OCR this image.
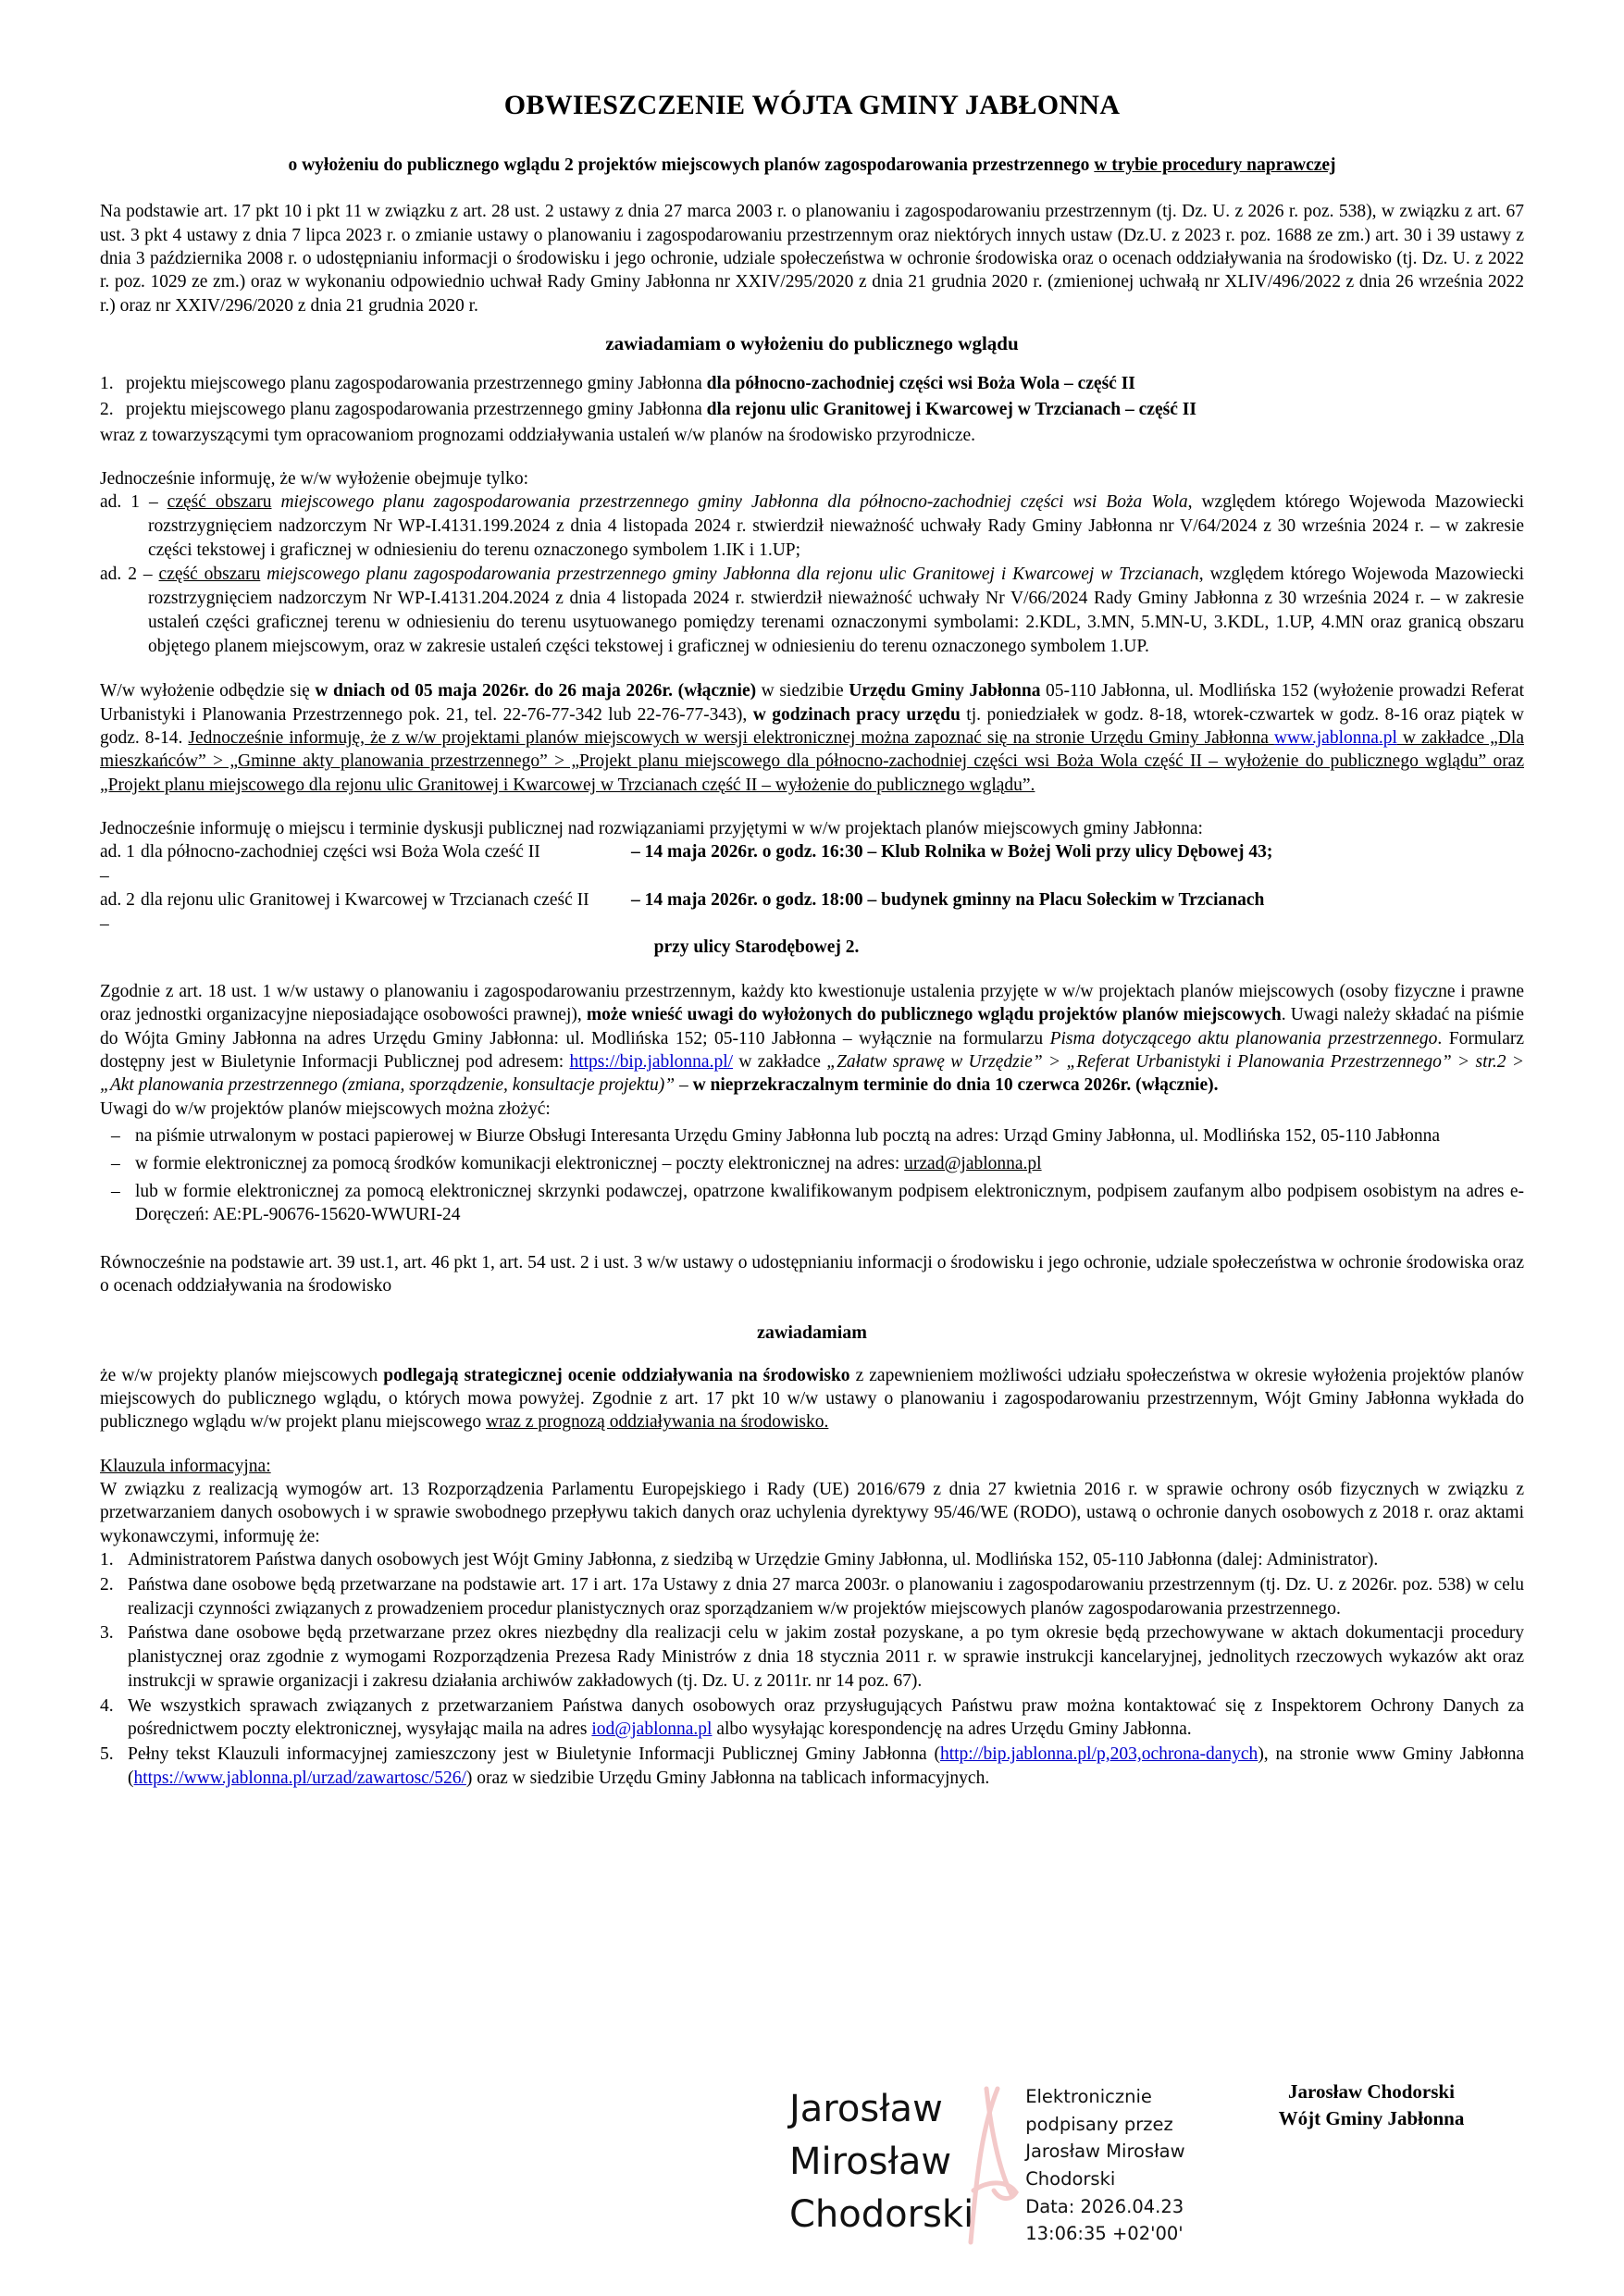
OBWIESZCZENIE WÓJTA GMINY JABŁONNA
o wyłożeniu do publicznego wglądu 2 projektów miejscowych planów zagospodarowania przestrzennego w trybie procedury naprawczej

Na podstawie art. 17 pkt 10 i pkt 11 w związku z art. 28 ust. 2 ustawy z dnia 27 marca 2003 r. o planowaniu i zagospodarowaniu przestrzennym (tj. Dz. U. z 2026 r. poz. 538), w związku z art. 67 ust. 3 pkt 4 ustawy z dnia 7 lipca 2023 r. o zmianie ustawy o planowaniu i zagospodarowaniu przestrzennym oraz niektórych innych ustaw (Dz.U. z 2023 r. poz. 1688 ze zm.) art. 30 i 39 ustawy z dnia 3 października 2008 r. o udostępnianiu informacji o środowisku i jego ochronie, udziale społeczeństwa w ochronie środowiska oraz o ocenach oddziaływania na środowisko (tj. Dz. U. z 2022 r. poz. 1029 ze zm.) oraz w wykonaniu odpowiednio uchwał Rady Gminy Jabłonna nr XXIV/295/2020 z dnia 21 grudnia 2020 r. (zmienionej uchwałą nr XLIV/496/2022 z dnia 26 września 2022 r.) oraz nr XXIV/296/2020 z dnia 21 grudnia 2020 r.

zawiadamiam o wyłożeniu do publicznego wglądu
1. projektu miejscowego planu zagospodarowania przestrzennego gminy Jabłonna dla północno-zachodniej części wsi Boża Wola – część II
2. projektu miejscowego planu zagospodarowania przestrzennego gminy Jabłonna dla rejonu ulic Granitowej i Kwarcowej w Trzcianach – część II

wraz z towarzyszącymi tym opracowaniom prognozami oddziaływania ustaleń w/w planów na środowisko przyrodnicze.

Jednocześnie informuję, że w/w wyłożenie obejmuje tylko:

ad. 1 – część obszaru miejscowego planu zagospodarowania przestrzennego gminy Jabłonna dla północno-zachodniej części wsi Boża Wola, względem którego Wojewoda Mazowiecki rozstrzygnięciem nadzorczym Nr WP-I.4131.199.2024 z dnia 4 listopada 2024 r. stwierdził nieważność uchwały Rady Gminy Jabłonna nr V/64/2024 z 30 września 2024 r. – w zakresie części tekstowej i graficznej w odniesieniu do terenu oznaczonego symbolem 1.IK i 1.UP;
ad. 2 – część obszaru miejscowego planu zagospodarowania przestrzennego gminy Jabłonna dla rejonu ulic Granitowej i Kwarcowej w Trzcianach, względem którego Wojewoda Mazowiecki rozstrzygnięciem nadzorczym Nr WP-I.4131.204.2024 z dnia 4 listopada 2024 r. stwierdził nieważność uchwały Nr V/66/2024 Rady Gminy Jabłonna z 30 września 2024 r. – w zakresie ustaleń części graficznej terenu w odniesieniu do terenu usytuowanego pomiędzy terenami oznaczonymi symbolami: 2.KDL, 3.MN, 5.MN-U, 3.KDL, 1.UP, 4.MN oraz granicą obszaru objętego planem miejscowym, oraz w zakresie ustaleń części tekstowej i graficznej w odniesieniu do terenu oznaczonego symbolem 1.UP.

W/w wyłożenie odbędzie się w dniach od 05 maja 2026r. do 26 maja 2026r. (włącznie) w siedzibie Urzędu Gminy Jabłonna 05-110 Jabłonna, ul. Modlińska 152 (wyłożenie prowadzi Referat Urbanistyki i Planowania Przestrzennego pok. 21, tel. 22-76-77-342 lub 22-76-77-343), w godzinach pracy urzędu tj. poniedziałek w godz. 8-18, wtorek-czwartek w godz. 8-16 oraz piątek w godz. 8-14. Jednocześnie informuję, że z w/w projektami planów miejscowych w wersji elektronicznej można zapoznać się na stronie Urzędu Gminy Jabłonna www.jablonna.pl w zakładce „Dla mieszkańców” > „Gminne akty planowania przestrzennego” > „Projekt planu miejscowego dla północno-zachodniej części wsi Boża Wola część II – wyłożenie do publicznego wglądu” oraz „Projekt planu miejscowego dla rejonu ulic Granitowej i Kwarcowej w Trzcianach część II – wyłożenie do publicznego wglądu”.

Jednocześnie informuję o miejscu i terminie dyskusji publicznej nad rozwiązaniami przyjętymi w w/w projektach planów miejscowych gminy Jabłonna:

ad. 1 –
dla północno-zachodniej części wsi Boża Wola cześć II	– 14 maja 2026r. o godz. 16:30 – Klub Rolnika w Bożej Woli przy ulicy Dębowej 43;
ad. 2 –
dla rejonu ulic Granitowej i Kwarcowej w Trzcianach cześć II	– 14 maja 2026r. o godz. 18:00 – budynek gminny na Placu Sołeckim w Trzcianach
przy ulicy Starodębowej 2.

Zgodnie z art. 18 ust. 1 w/w ustawy o planowaniu i zagospodarowaniu przestrzennym, każdy kto kwestionuje ustalenia przyjęte w w/w projektach planów miejscowych (osoby fizyczne i prawne oraz jednostki organizacyjne nieposiadające osobowości prawnej), może wnieść uwagi do wyłożonych do publicznego wglądu projektów planów miejscowych. Uwagi należy składać na piśmie do Wójta Gminy Jabłonna na adres Urzędu Gminy Jabłonna: ul. Modlińska 152; 05-110 Jabłonna – wyłącznie na formularzu Pisma dotyczącego aktu planowania przestrzennego. Formularz dostępny jest w Biuletynie Informacji Publicznej pod adresem: https://bip.jablonna.pl/ w zakładce „Załatw sprawę w Urzędzie” > „Referat Urbanistyki i Planowania Przestrzennego” > str.2 > „Akt planowania przestrzennego (zmiana, sporządzenie, konsultacje projektu)” – w nieprzekraczalnym terminie do dnia 10 czerwca 2026r. (włącznie).

Uwagi do w/w projektów planów miejscowych można złożyć:

– na piśmie utrwalonym w postaci papierowej w Biurze Obsługi Interesanta Urzędu Gminy Jabłonna lub pocztą na adres: Urząd Gminy Jabłonna, ul. Modlińska 152, 05-110 Jabłonna
– w formie elektronicznej za pomocą środków komunikacji elektronicznej – poczty elektronicznej na adres: urzad@jablonna.pl
– lub w formie elektronicznej za pomocą elektronicznej skrzynki podawczej, opatrzone kwalifikowanym podpisem elektronicznym, podpisem zaufanym albo podpisem osobistym na adres e-Doręczeń: AE:PL-90676-15620-WWURI-24

Równocześnie na podstawie art. 39 ust.1, art. 46 pkt 1, art. 54 ust. 2 i ust. 3 w/w ustawy o udostępnianiu informacji o środowisku i jego ochronie, udziale społeczeństwa w ochronie środowiska oraz o ocenach oddziaływania na środowisko

zawiadamiam

że w/w projekty planów miejscowych podlegają strategicznej ocenie oddziaływania na środowisko z zapewnieniem możliwości udziału społeczeństwa w okresie wyłożenia projektów planów miejscowych do publicznego wglądu, o których mowa powyżej. Zgodnie z art. 17 pkt 10 w/w ustawy o planowaniu i zagospodarowaniu przestrzennym, Wójt Gminy Jabłonna wykłada do publicznego wglądu w/w projekt planu miejscowego wraz z prognozą oddziaływania na środowisko.

Klauzula informacyjna:

W związku z realizacją wymogów art. 13 Rozporządzenia Parlamentu Europejskiego i Rady (UE) 2016/679 z dnia 27 kwietnia 2016 r. w sprawie ochrony osób fizycznych w związku z przetwarzaniem danych osobowych i w sprawie swobodnego przepływu takich danych oraz uchylenia dyrektywy 95/46/WE (RODO), ustawą o ochronie danych osobowych z 2018 r. oraz aktami wykonawczymi, informuję że:

1. Administratorem Państwa danych osobowych jest Wójt Gminy Jabłonna, z siedzibą w Urzędzie Gminy Jabłonna, ul. Modlińska 152, 05-110 Jabłonna (dalej: Administrator).
2. Państwa dane osobowe będą przetwarzane na podstawie art. 17 i art. 17a Ustawy z dnia 27 marca 2003r. o planowaniu i zagospodarowaniu przestrzennym (tj. Dz. U. z 2026r. poz. 538) w celu realizacji czynności związanych z prowadzeniem procedur planistycznych oraz sporządzaniem w/w projektów miejscowych planów zagospodarowania przestrzennego.
3. Państwa dane osobowe będą przetwarzane przez okres niezbędny dla realizacji celu w jakim został pozyskane, a po tym okresie będą przechowywane w aktach dokumentacji procedury planistycznej oraz zgodnie z wymogami Rozporządzenia Prezesa Rady Ministrów z dnia 18 stycznia 2011 r. w sprawie instrukcji kancelaryjnej, jednolitych rzeczowych wykazów akt oraz instrukcji w sprawie organizacji i zakresu działania archiwów zakładowych (tj. Dz. U. z 2011r. nr 14 poz. 67).
4. We wszystkich sprawach związanych z przetwarzaniem Państwa danych osobowych oraz przysługujących Państwu praw można kontaktować się z Inspektorem Ochrony Danych za pośrednictwem poczty elektronicznej, wysyłając maila na adres iod@jablonna.pl albo wysyłając korespondencję na adres Urzędu Gminy Jabłonna.
5. Pełny tekst Klauzuli informacyjnej zamieszczony jest w Biuletynie Informacji Publicznej Gminy Jabłonna (http://bip.jablonna.pl/p,203,ochrona-danych), na stronie www Gminy Jabłonna (https://www.jablonna.pl/urzad/zawartosc/526/) oraz w siedzibie Urzędu Gminy Jabłonna na tablicach informacyjnych.
Jarosław
Mirosław
Chodorski
Elektronicznie
podpisany przez
Jarosław Mirosław
Chodorski
Data: 2026.04.23
13:06:35 +02'00'
Jarosław Chodorski
Wójt Gminy Jabłonna
